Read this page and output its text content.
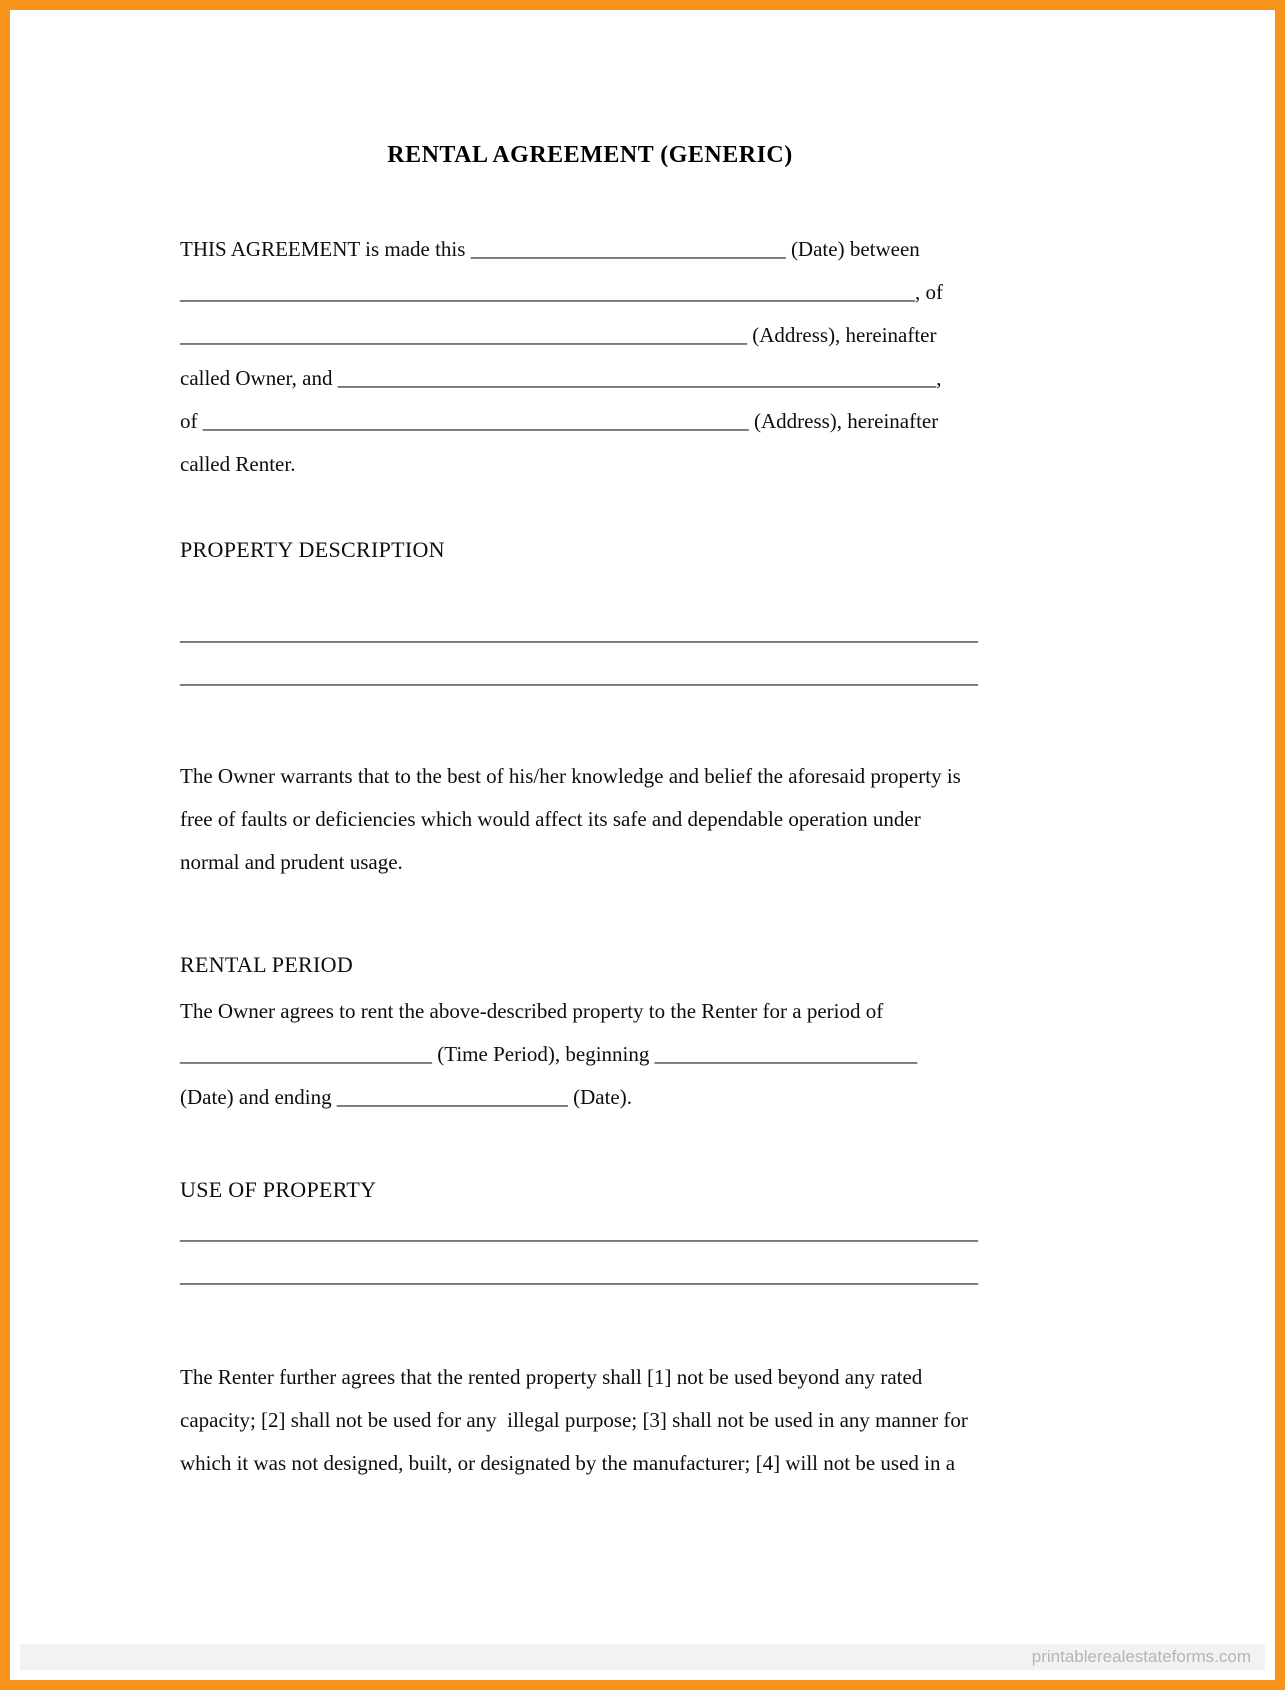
RENTAL AGREEMENT (GENERIC)
THIS AGREEMENT is made this ______________________________ (Date) between
______________________________________________________________________, of
______________________________________________________ (Address), hereinafter
called Owner, and _________________________________________________________,
of ____________________________________________________ (Address), hereinafter
called Renter.
PROPERTY DESCRIPTION
____________________________________________________________________________
____________________________________________________________________________
The Owner warrants that to the best of his/her knowledge and belief the aforesaid property is
free of faults or deficiencies which would affect its safe and dependable operation under
normal and prudent usage.
RENTAL PERIOD
The Owner agrees to rent the above-described property to the Renter for a period of
________________________ (Time Period), beginning _________________________
(Date) and ending ______________________ (Date).
USE OF PROPERTY
____________________________________________________________________________
____________________________________________________________________________
The Renter further agrees that the rented property shall [1] not be used beyond any rated
capacity; [2] shall not be used for any  illegal purpose; [3] shall not be used in any manner for
which it was not designed, built, or designated by the manufacturer; [4] will not be used in a
printablerealestateforms.com
